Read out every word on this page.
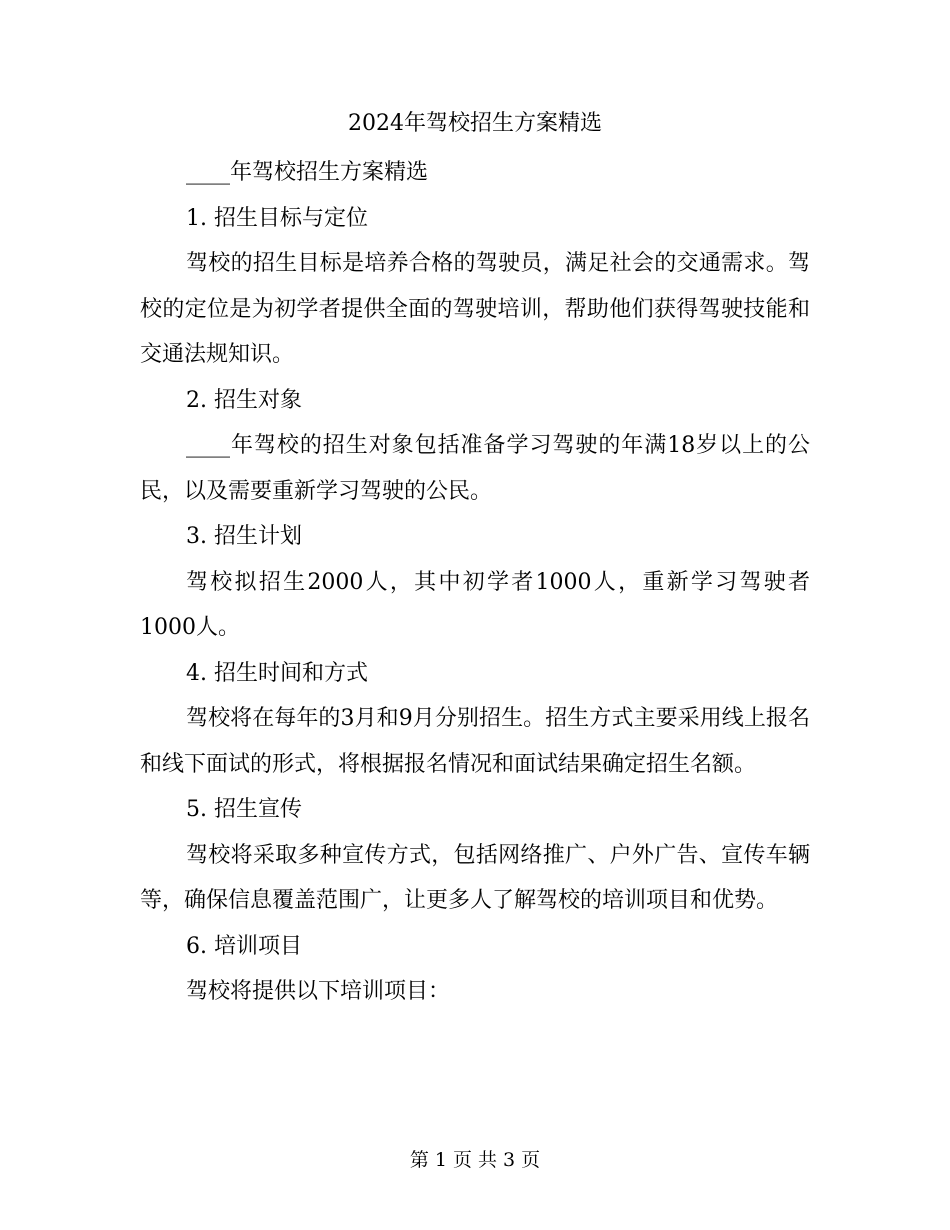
2024年驾校招生方案精选

____年驾校招生方案精选

1. 招生目标与定位

驾校的招生目标是培养合格的驾驶员，满足社会的交通需求。驾校的定位是为初学者提供全面的驾驶培训，帮助他们获得驾驶技能和交通法规知识。

2. 招生对象

____年驾校的招生对象包括准备学习驾驶的年满18岁以上的公民，以及需要重新学习驾驶的公民。

3. 招生计划

驾校拟招生2000人，其中初学者1000人，重新学习驾驶者1000人。

4. 招生时间和方式

驾校将在每年的3月和9月分别招生。招生方式主要采用线上报名和线下面试的形式，将根据报名情况和面试结果确定招生名额。

5. 招生宣传

驾校将采取多种宣传方式，包括网络推广、户外广告、宣传车辆等，确保信息覆盖范围广，让更多人了解驾校的培训项目和优势。

6. 培训项目

驾校将提供以下培训项目：

第 1 页 共 3 页
